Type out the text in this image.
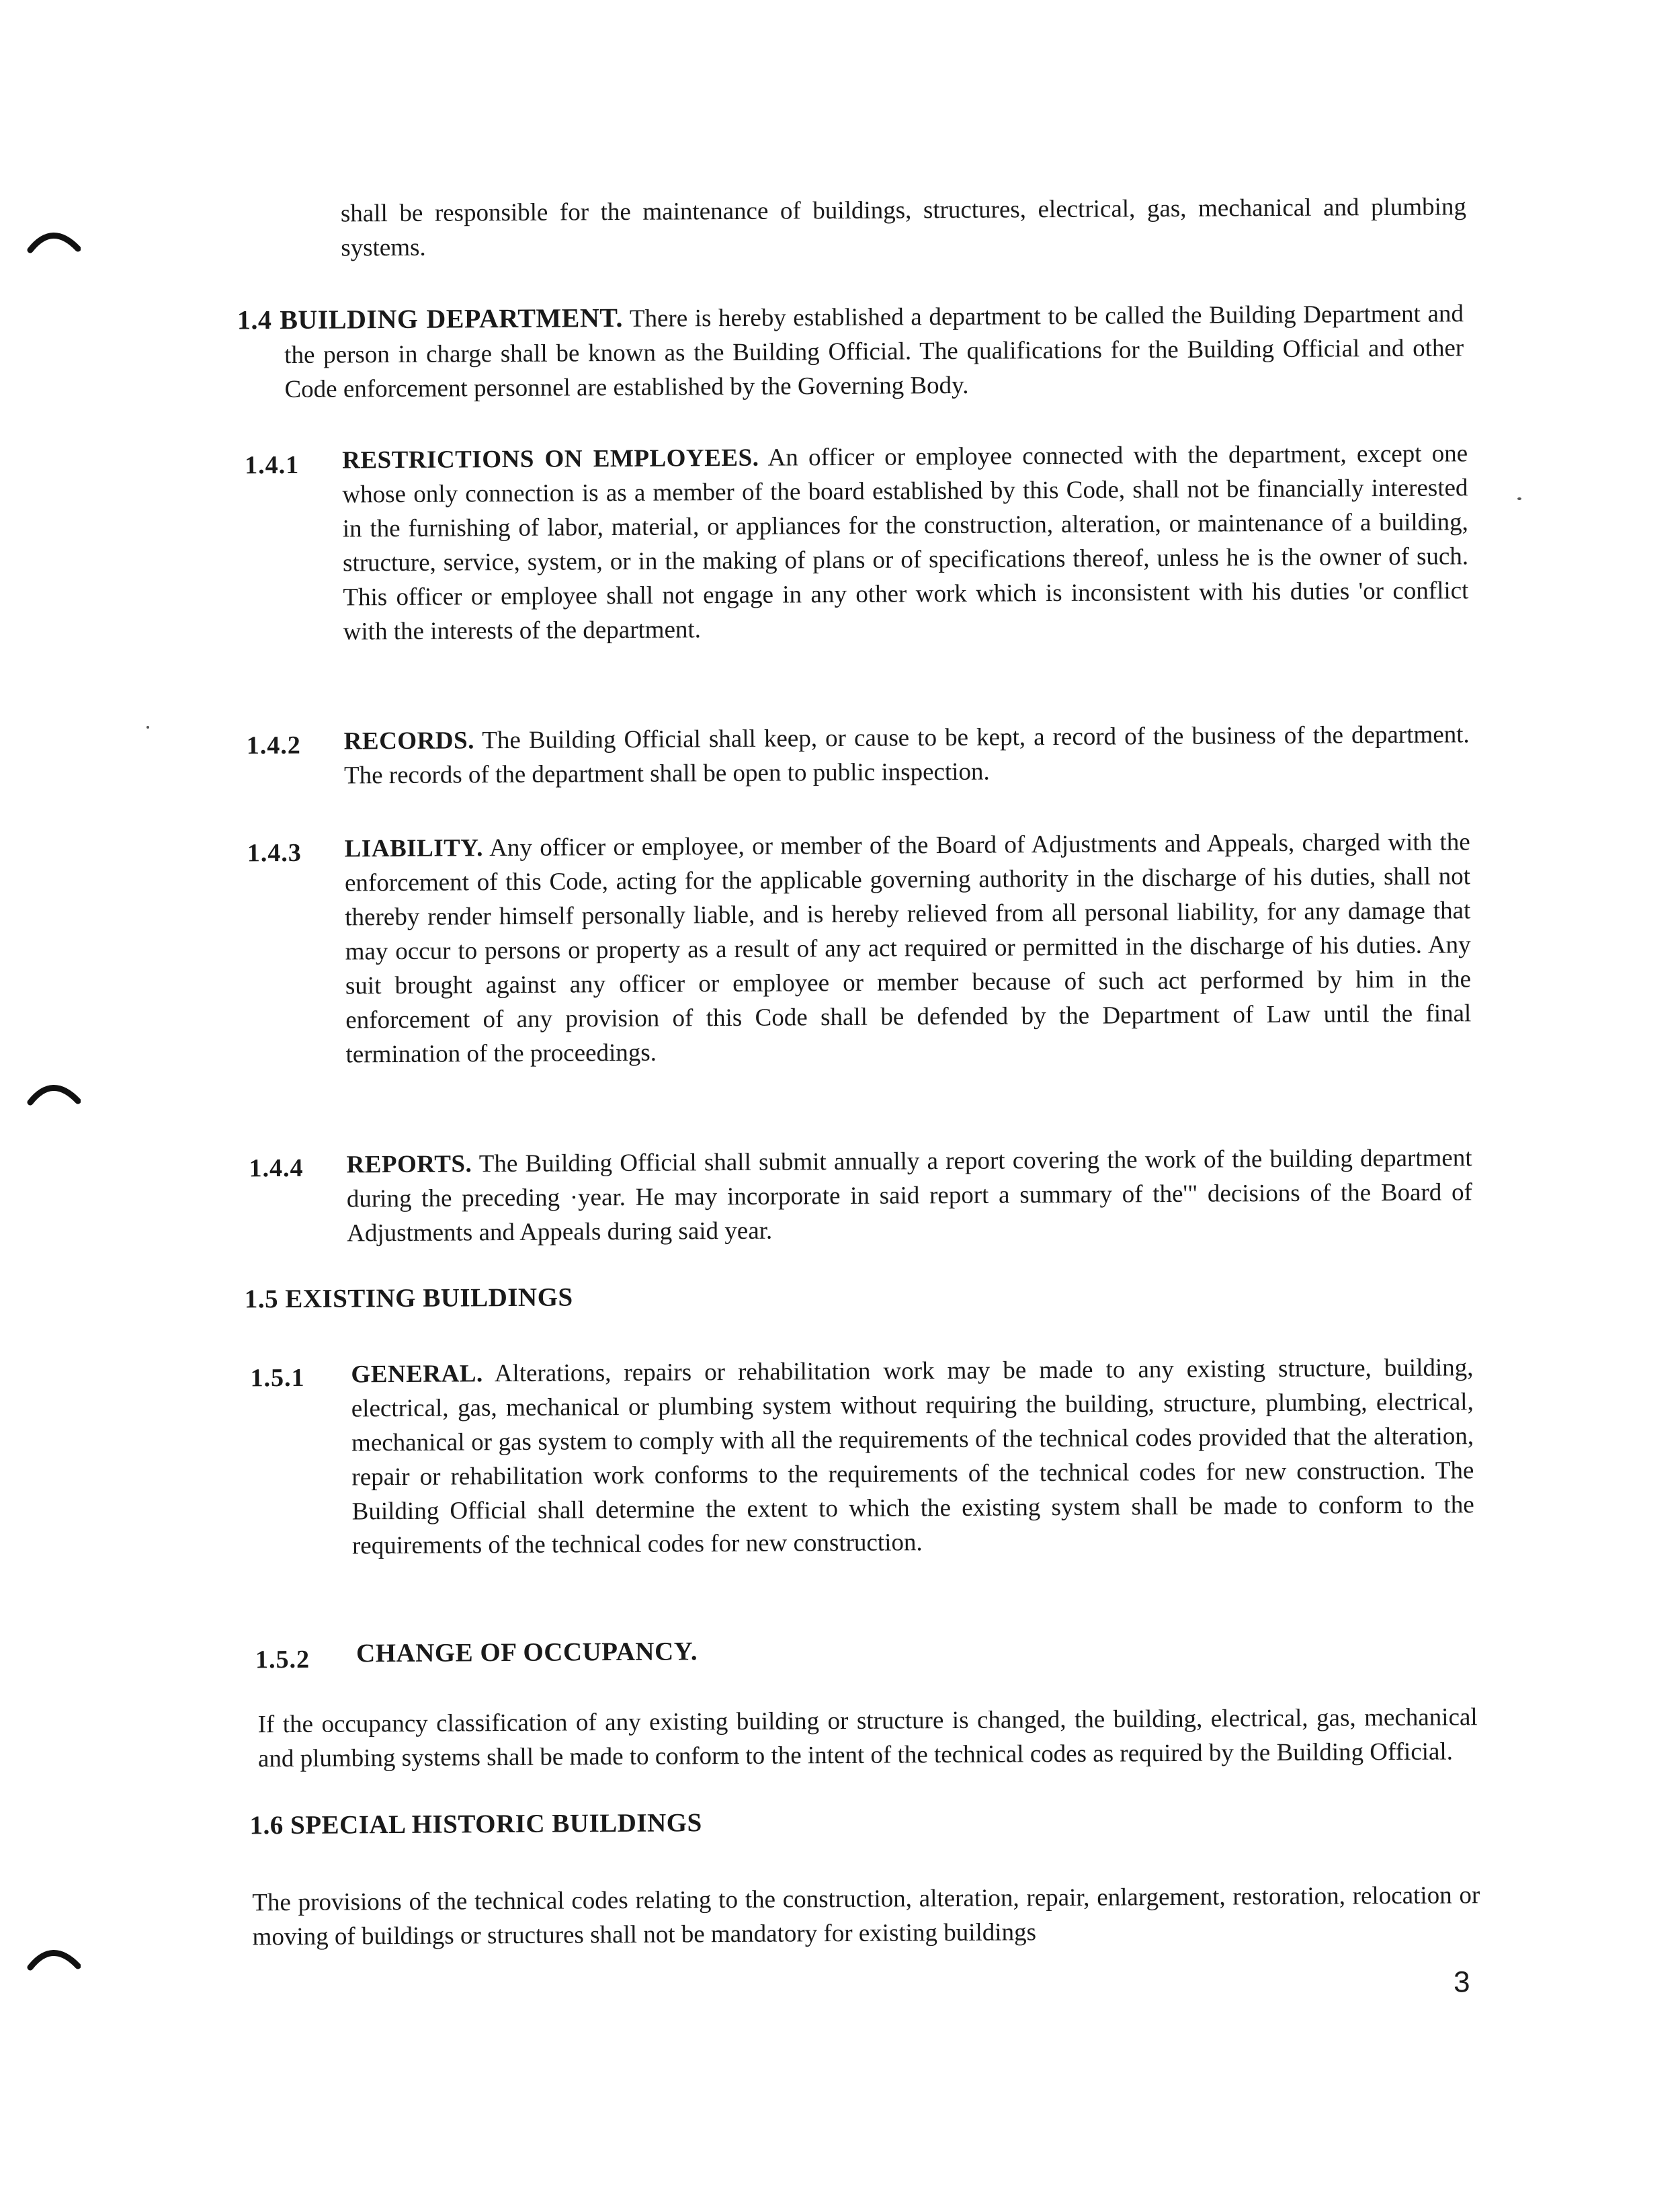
shall be responsible for the maintenance of buildings, structures, electrical, gas, mechanical and plumbing systems.
1.4 BUILDING DEPARTMENT. There is hereby established a department to be called the Building Department and the person in charge shall be known as the Building Official. The qualifications for the Building Official and other Code enforcement personnel are established by the Governing Body.
1.4.1 RESTRICTIONS ON EMPLOYEES. An officer or employee connected with the department, except one whose only connection is as a member of the board established by this Code, shall not be financially interested in the furnishing of labor, material, or appliances for the construction, alteration, or maintenance of a building, structure, service, system, or in the making of plans or of specifications thereof, unless he is the owner of such. This officer or employee shall not engage in any other work which is inconsistent with his duties 'or conflict with the interests of the department.
1.4.2 RECORDS. The Building Official shall keep, or cause to be kept, a record of the business of the department. The records of the department shall be open to public inspection.
1.4.3 LIABILITY. Any officer or employee, or member of the Board of Adjustments and Appeals, charged with the enforcement of this Code, acting for the applicable governing authority in the discharge of his duties, shall not thereby render himself personally liable, and is hereby relieved from all personal liability, for any damage that may occur to persons or property as a result of any act required or permitted in the discharge of his duties. Any suit brought against any officer or employee or member because of such act performed by him in the enforcement of any provision of this Code shall be defended by the Department of Law until the final termination of the proceedings.
1.4.4 REPORTS. The Building Official shall submit annually a report covering the work of the building department during the preceding ·year. He may incorporate in said report a summary of the'" decisions of the Board of Adjustments and Appeals during said year.
1.5 EXISTING BUILDINGS
1.5.1 GENERAL. Alterations, repairs or rehabilitation work may be made to any existing structure, building, electrical, gas, mechanical or plumbing system without requiring the building, structure, plumbing, electrical, mechanical or gas system to comply with all the requirements of the technical codes provided that the alteration, repair or rehabilitation work conforms to the requirements of the technical codes for new construction. The Building Official shall determine the extent to which the existing system shall be made to conform to the requirements of the technical codes for new construction.
1.5.2 CHANGE OF OCCUPANCY.
If the occupancy classification of any existing building or structure is changed, the building, electrical, gas, mechanical and plumbing systems shall be made to conform to the intent of the technical codes as required by the Building Official.
1.6 SPECIAL HISTORIC BUILDINGS
The provisions of the technical codes relating to the construction, alteration, repair, enlargement, restoration, relocation or moving of buildings or structures shall not be mandatory for existing buildings
3
